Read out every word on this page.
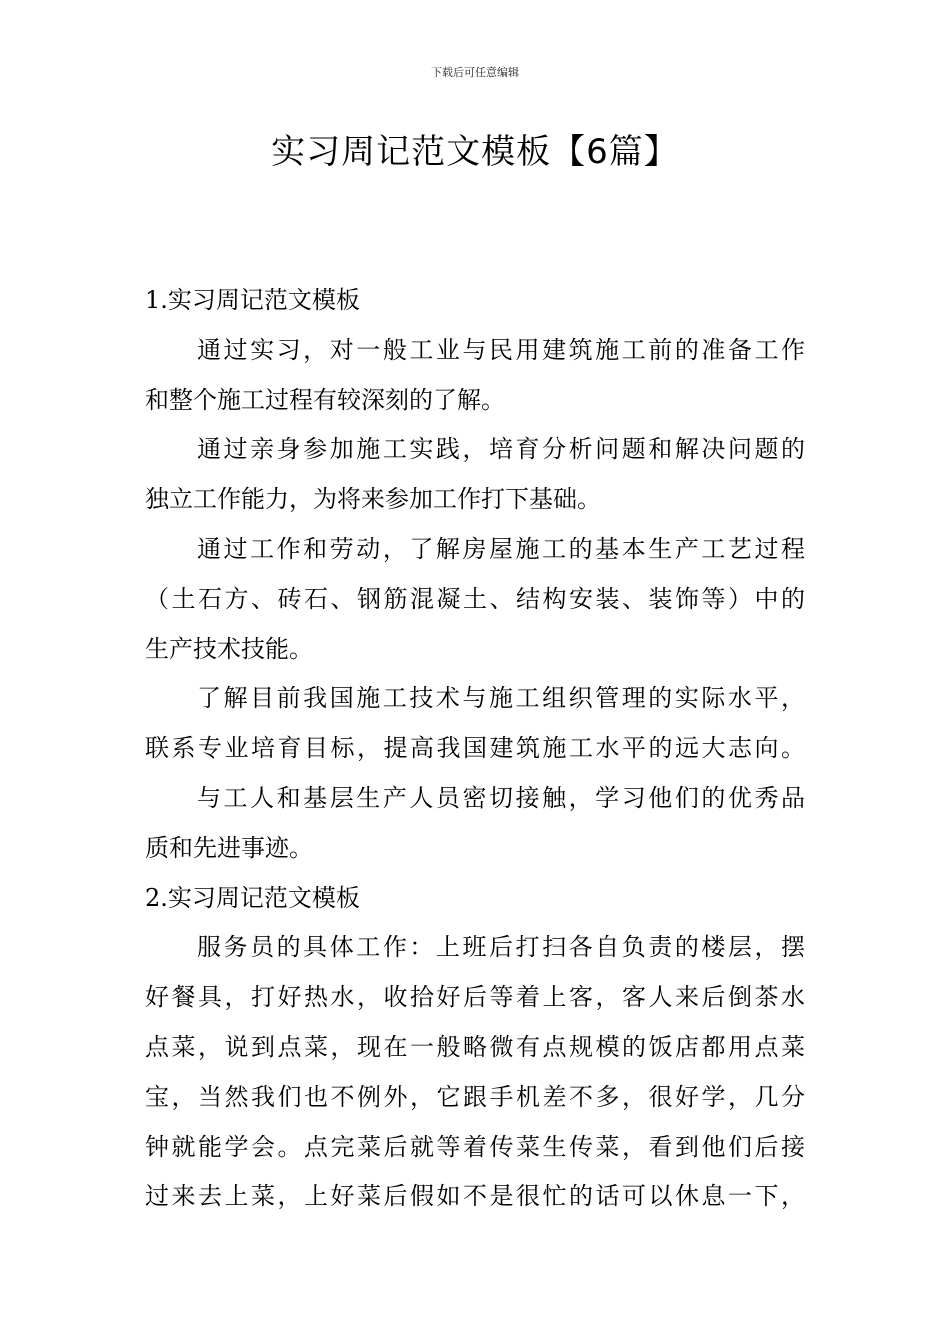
下载后可任意编辑
实习周记范文模板【6篇】
1.实习周记范文模板
通过实习，对一般工业与民用建筑施工前的准备工作
和整个施工过程有较深刻的了解。
通过亲身参加施工实践，培育分析问题和解决问题的
独立工作能力，为将来参加工作打下基础。
通过工作和劳动，了解房屋施工的基本生产工艺过程
（土石方、砖石、钢筋混凝土、结构安装、装饰等）中的
生产技术技能。
了解目前我国施工技术与施工组织管理的实际水平，
联系专业培育目标，提高我国建筑施工水平的远大志向。
与工人和基层生产人员密切接触，学习他们的优秀品
质和先进事迹。
2.实习周记范文模板
服务员的具体工作：上班后打扫各自负责的楼层，摆
好餐具，打好热水，收拾好后等着上客，客人来后倒茶水
点菜，说到点菜，现在一般略微有点规模的饭店都用点菜
宝，当然我们也不例外，它跟手机差不多，很好学，几分
钟就能学会。点完菜后就等着传菜生传菜，看到他们后接
过来去上菜，上好菜后假如不是很忙的话可以休息一下，
